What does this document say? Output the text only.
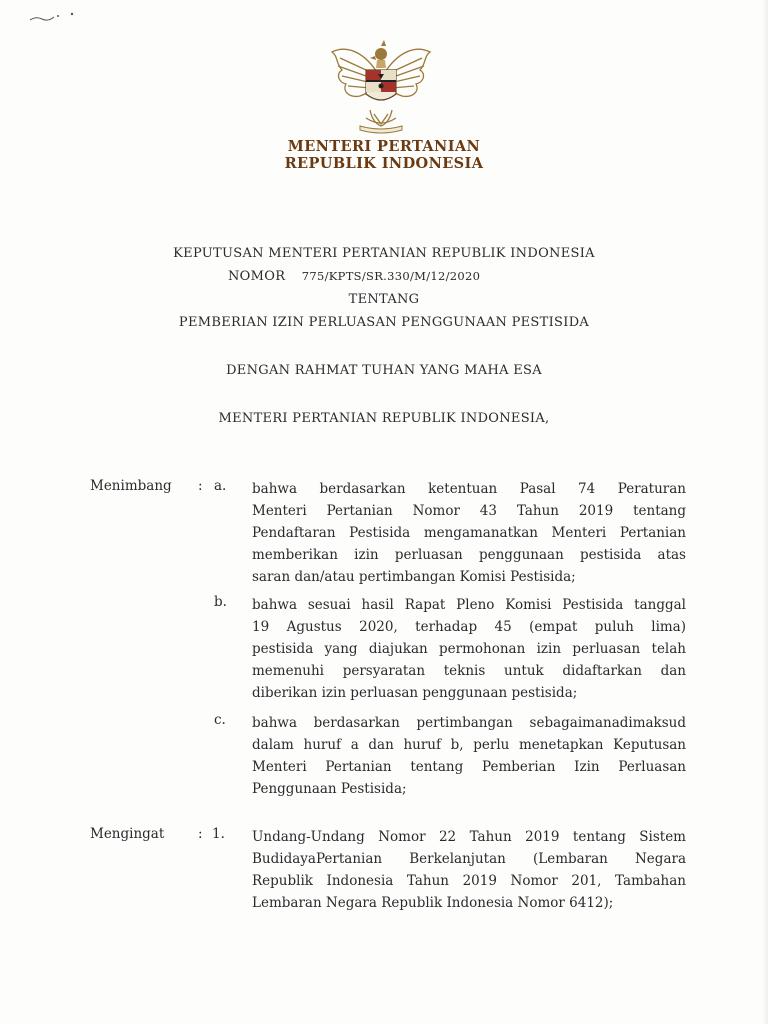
MENTERI PERTANIAN
REPUBLIK INDONESIA
KEPUTUSAN MENTERI PERTANIAN REPUBLIK INDONESIA
NOMOR 775/KPTS/SR.330/M/12/2020
TENTANG
PEMBERIAN IZIN PERLUASAN PENGGUNAAN PESTISIDA
DENGAN RAHMAT TUHAN YANG MAHA ESA
MENTERI PERTANIAN REPUBLIK INDONESIA,
Menimbang : a. bahwa berdasarkan ketentuan Pasal 74 Peraturan
Menteri Pertanian Nomor 43 Tahun 2019 tentang
Pendaftaran Pestisida mengamanatkan Menteri Pertanian
memberikan izin perluasan penggunaan pestisida atas
saran dan/atau pertimbangan Komisi Pestisida;
b. bahwa sesuai hasil Rapat Pleno Komisi Pestisida tanggal
19 Agustus 2020, terhadap 45 (empat puluh lima)
pestisida yang diajukan permohonan izin perluasan telah
memenuhi persyaratan teknis untuk didaftarkan dan
diberikan izin perluasan penggunaan pestisida;
c. bahwa berdasarkan pertimbangan sebagaimanadimaksud
dalam huruf a dan huruf b, perlu menetapkan Keputusan
Menteri Pertanian tentang Pemberian Izin Perluasan
Penggunaan Pestisida;
Mengingat : 1. Undang-Undang Nomor 22 Tahun 2019 tentang Sistem
BudidayaPertanian Berkelanjutan (Lembaran Negara
Republik Indonesia Tahun 2019 Nomor 201, Tambahan
Lembaran Negara Republik Indonesia Nomor 6412);
